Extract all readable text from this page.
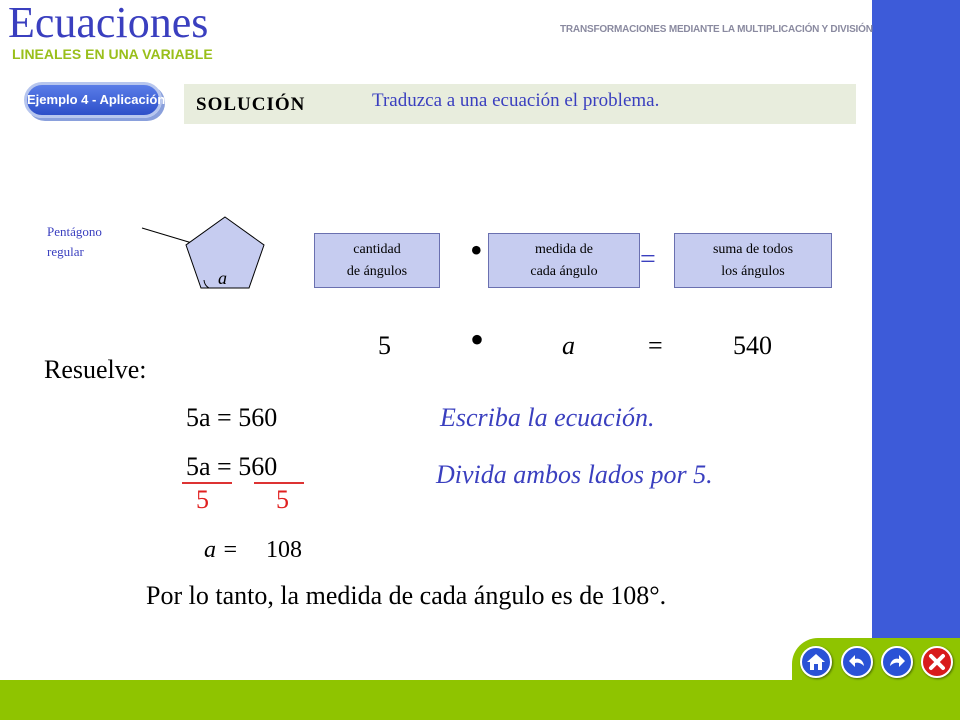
Ecuaciones
LINEALES EN UNA VARIABLE
TRANSFORMACIONES MEDIANTE LA MULTIPLICACIÓN Y DIVISIÓN
Ejemplo 4 - Aplicación SOLUCIÓN	Traduzca a una ecuación el problema.
Pentágono
regular
a
cantidad
de ángulos
•	medida de
cada ángulo =	suma de todos
los ángulos
5 •	a	=	540
Resuelve:
5a = 560	Escriba la ecuación.
5a = 560
5	5
Divida ambos lados por 5.
a = 108
Por lo tanto, la medida de cada ángulo es de 108°.
